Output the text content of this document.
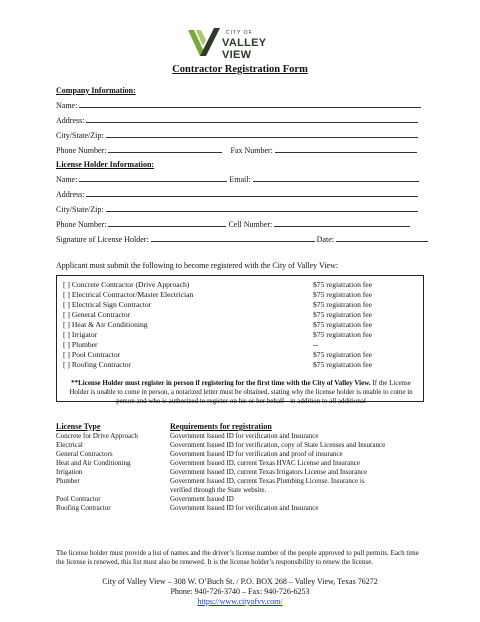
CITY OF
VALLEY VIEW
Contractor Registration Form
Company Information:
Name:
Address:
City/State/Zip:
Phone Number:	Fax Number:
License Holder Information:
Name:	Email:
Address:
City/State/Zip:
Phone Number:	Cell Number:
Signature of License Holder:	Date:
Applicant must submit the following to become registered with the City of Valley View:
[ ] Concrete Contractor (Drive Approach)	$75 registration fee
[ ] Electrical Contractor/Master Electrician	$75 registration fee
[ ] Electrical Sign Contractor	$75 registration fee
[ ] General Contractor	$75 registration fee
[ ] Heat & Air Conditioning	$75 registration fee
[ ] Irrigator	$75 registration fee
[ ] Plumber	--
[ ] Pool Contractor	$75 registration fee
[ ] Roofing Contractor	$75 registration fee
**License Holder must register in person if registering for the first time with the City of Valley View. If the License Holder is unable to come in person, a notarized letter must be obtained, stating why the license holder is unable to come in person and who is authorized to register on his or her behalf - in addition to all additional
License Type	Requirements for registration
Concrete for Drive Approach	Government Issued ID for verification and Insurance
Electrical	Government Issued ID for verification, copy of State Licenses and Insurance
General Contractors	Government Issued ID for verification and proof of insurance
Heat and Air Conditioning	Government Issued ID, current Texas HVAC License and Insurance
Irrigation	Government Issued ID, current Texas Irrigators License and Insurance
Plumber	Government Issued ID, current Texas Plumbing License. Insurance is
verified through the State website.
Pool Contractor	Government Issued ID
Roofing Contractor	Government Issued ID for verification and Insurance
The license holder must provide a list of names and the driver’s license number of the people approved to pull permits. Each time the license is renewed, this list must also be renewed. It is the license holder’s responsibility to renew the license.
City of Valley View – 308 W. O’Buch St. / P.O. BOX 268 – Valley View, Texas 76272
Phone: 940-726-3740 – Fax: 940-726-6253
https://www.cityofvv.com/
